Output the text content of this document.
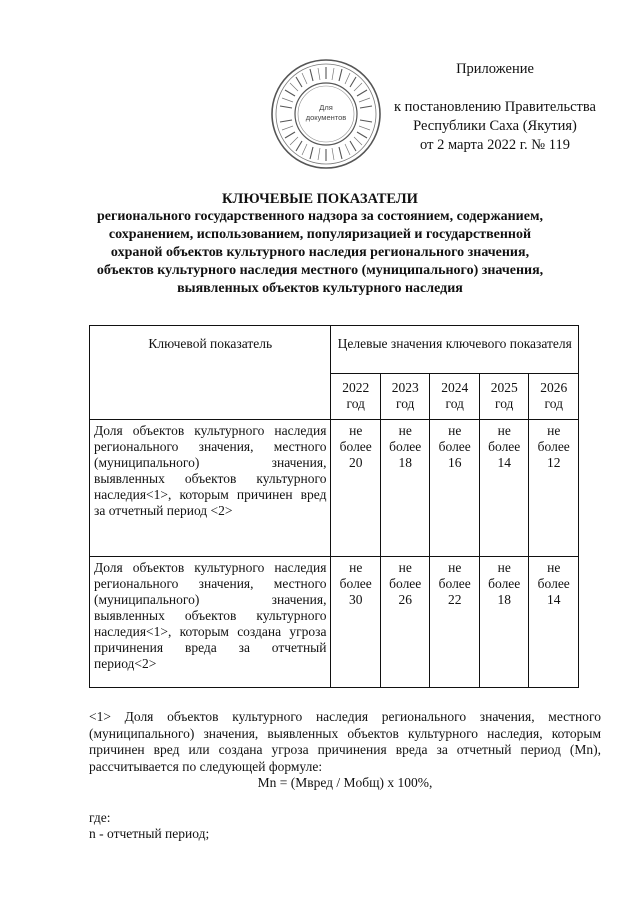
Для
документов
Приложение
к постановлению Правительства
Республики Саха (Якутия)
от 2 марта 2022 г. № 119
КЛЮЧЕВЫЕ ПОКАЗАТЕЛИ
регионального государственного надзора за состоянием, содержанием,
сохранением, использованием, популяризацией и государственной
охраной объектов культурного наследия регионального значения,
объектов культурного наследия местного (муниципального) значения,
выявленных объектов культурного наследия
Ключевой показатель	Целевые значения ключевого показателя				
	2022 год	2023 год	2024 год	2025 год	2026 год
Доля объектов культурного наследия регионального значения, местного (муниципального) значения, выявленных объектов культурного наследия<1>, которым причинен вред за отчетный период <2>	не более 20	не более 18	не более 16	не более 14	не более 12
Доля объектов культурного наследия регионального значения, местного (муниципального) значения, выявленных объектов культурного наследия<1>, которым создана угроза причинения вреда за отчетный период<2>	не более 30	не более 26	не более 22	не более 18	не более 14

<1> Доля объектов культурного наследия регионального значения, местного (муниципального) значения, выявленных объектов культурного наследия, которым причинен вред или создана угроза причинения вреда за отчетный период (Mn), рассчитывается по следующей формуле:

Mn = (Mвред / Mобщ) х 100%,

где:

n - отчетный период;
